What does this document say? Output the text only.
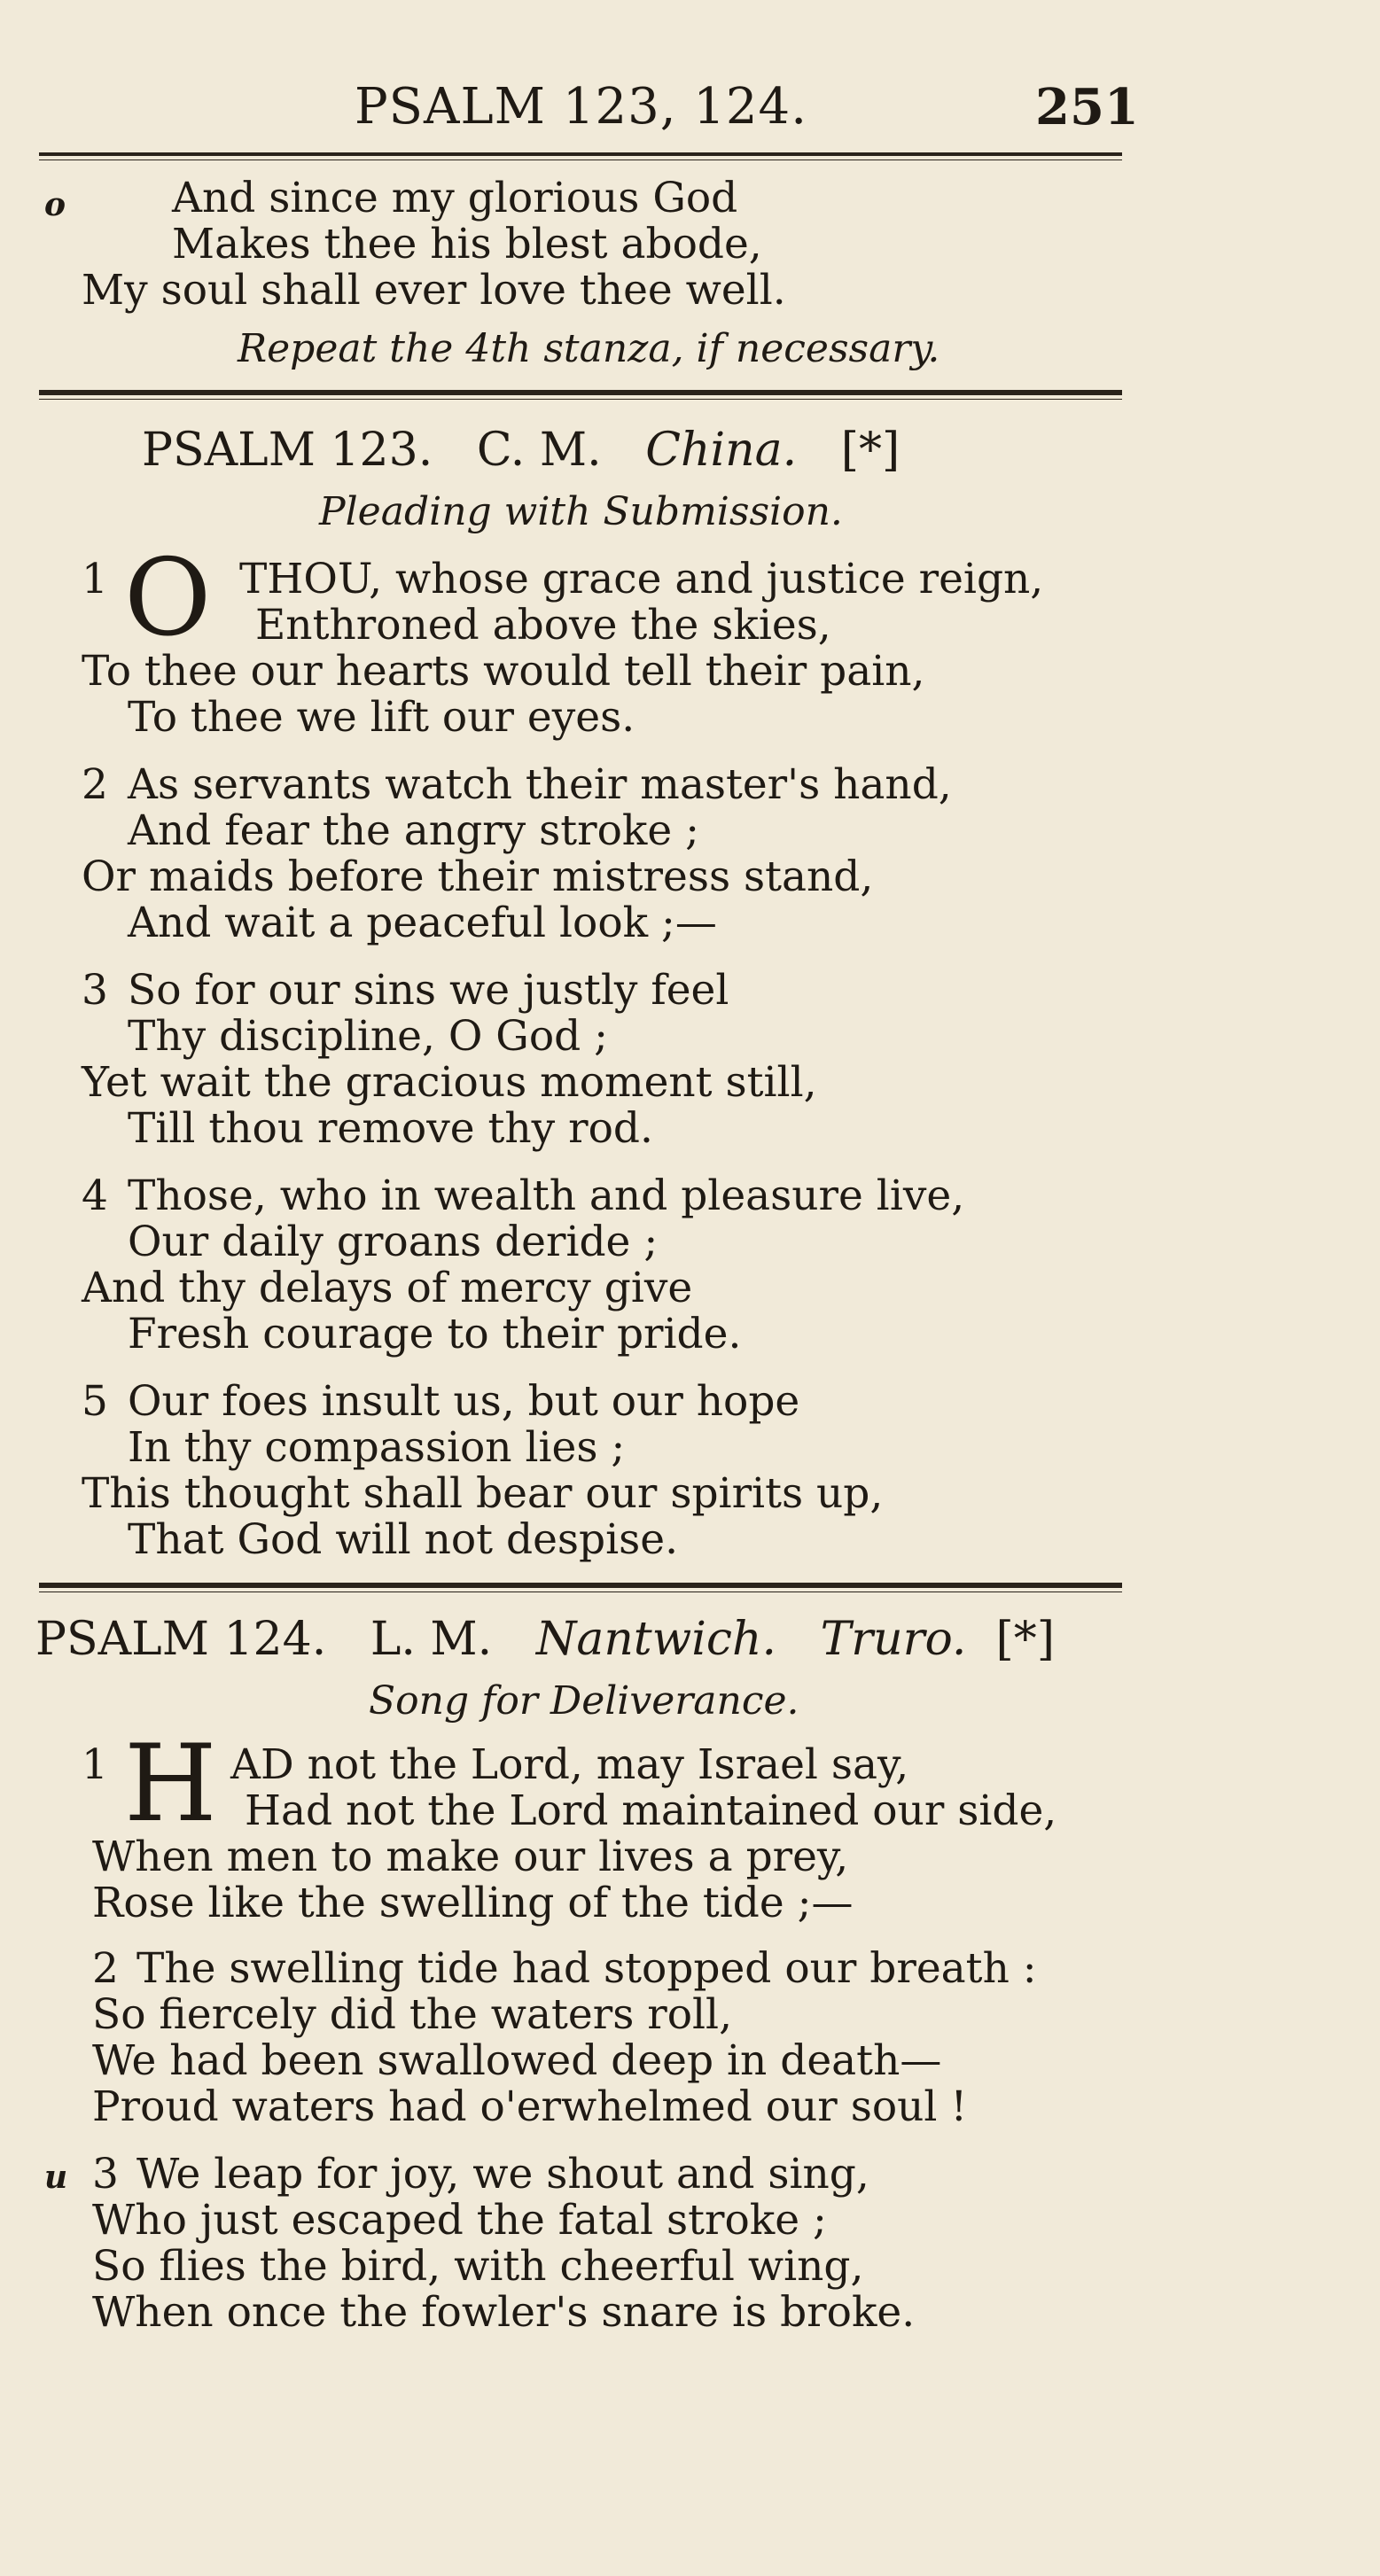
PSALM 123, 124.	251
o	And since my glorious God
Makes thee his blest abode,
My soul shall ever love thee well.
Repeat the 4th stanza, if necessary.
PSALM 123. C. M. China. [*]
Pleading with Submission.
1 O THOU, whose grace and justice reign,
Enthroned above the skies,
To thee our hearts would tell their pain,
To thee we lift our eyes.
2 As servants watch their master's hand,
And fear the angry stroke ;
Or maids before their mistress stand,
And wait a peaceful look ;—
3 So for our sins we justly feel
Thy discipline, O God ;
Yet wait the gracious moment still,
Till thou remove thy rod.
4 Those, who in wealth and pleasure live,
Our daily groans deride ;
And thy delays of mercy give
Fresh courage to their pride.
5 Our foes insult us, but our hope
In thy compassion lies ;
This thought shall bear our spirits up,
That God will not despise.
PSALM 124. L. M. Nantwich. Truro. [*]
Song for Deliverance.
1 H AD not the Lord, may Israel say,
Had not the Lord maintained our side,
When men to make our lives a prey,
Rose like the swelling of the tide ;—
2 The swelling tide had stopped our breath :
So fiercely did the waters roll,
We had been swallowed deep in death—
Proud waters had o'erwhelmed our soul !
u 3 We leap for joy, we shout and sing,
Who just escaped the fatal stroke ;
So flies the bird, with cheerful wing,
When once the fowler's snare is broke.
